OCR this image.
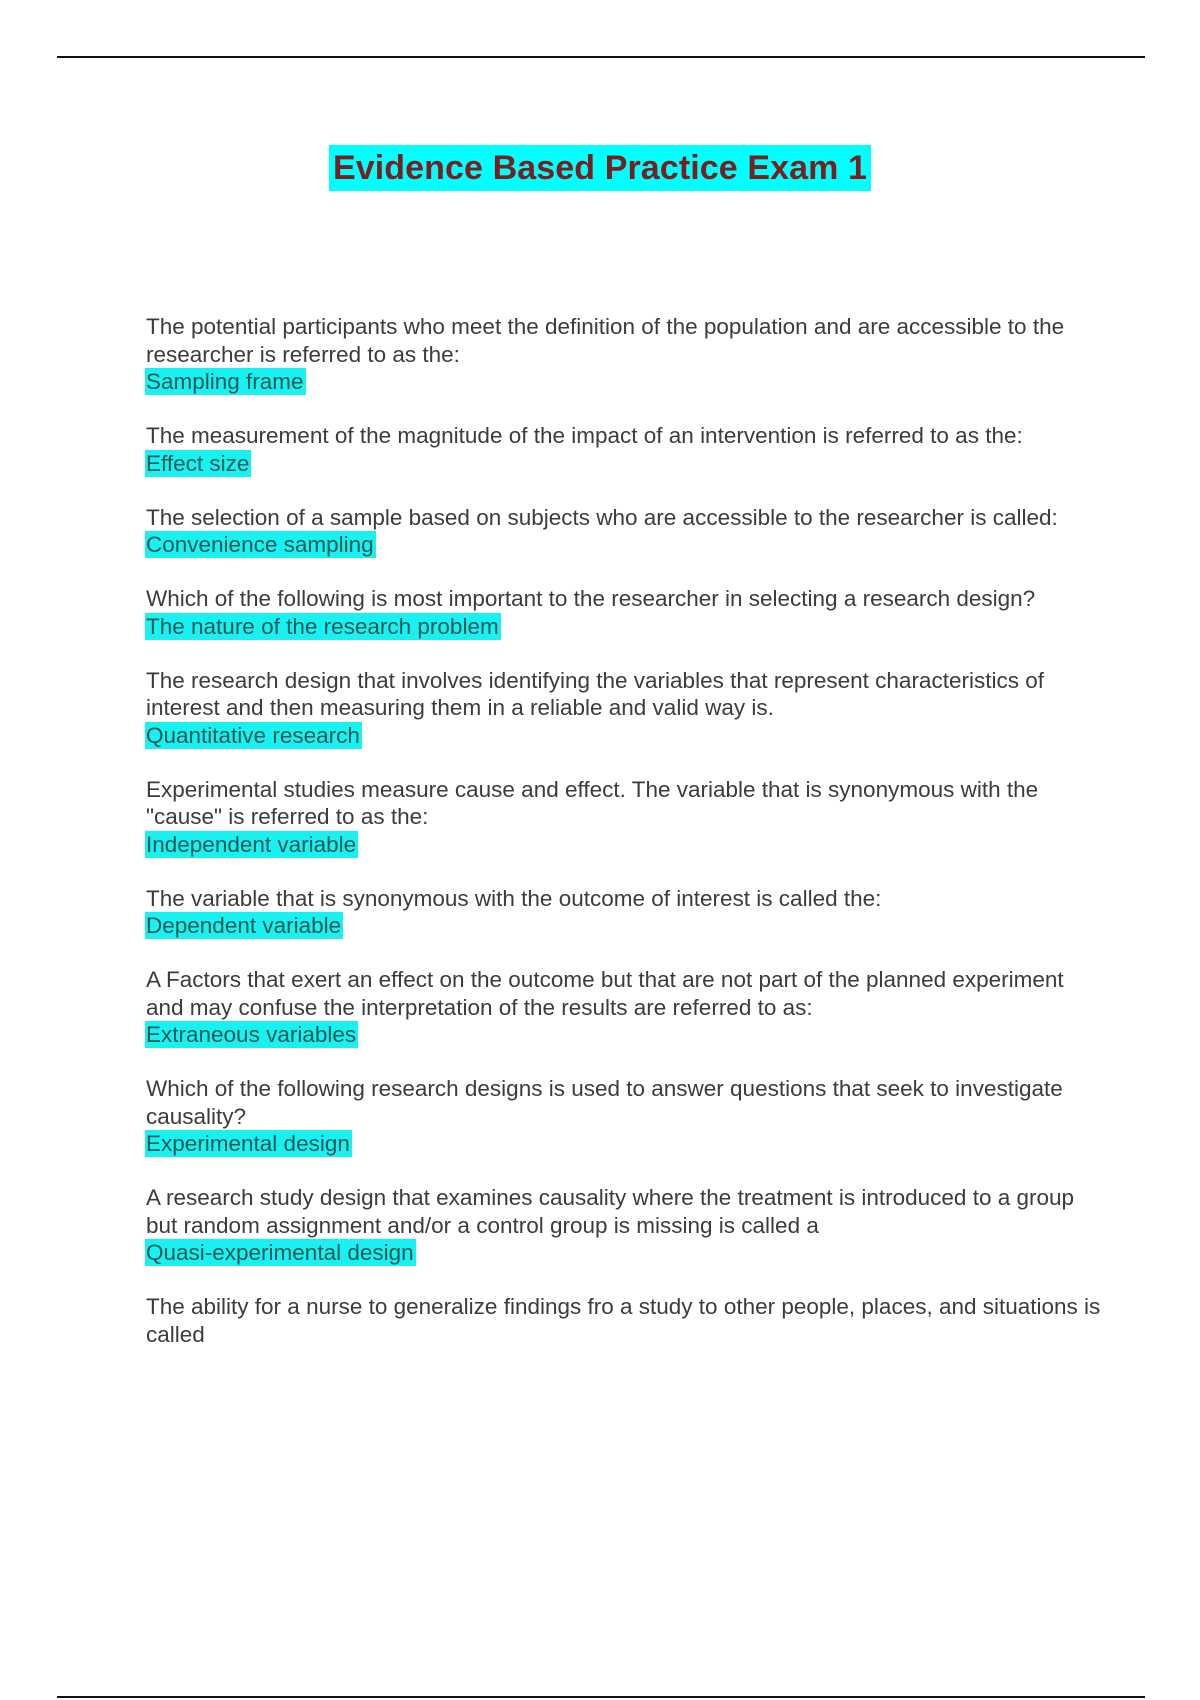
Evidence Based Practice Exam 1

The potential participants who meet the definition of the population and are accessible to the researcher is referred to as the:

Sampling frame

The measurement of the magnitude of the impact of an intervention is referred to as the:

Effect size

The selection of a sample based on subjects who are accessible to the researcher is called:

Convenience sampling

Which of the following is most important to the researcher in selecting a research design?

The nature of the research problem

The research design that involves identifying the variables that represent characteristics of interest and then measuring them in a reliable and valid way is.

Quantitative research

Experimental studies measure cause and effect. The variable that is synonymous with the "cause" is referred to as the:

Independent variable

The variable that is synonymous with the outcome of interest is called the:

Dependent variable

A Factors that exert an effect on the outcome but that are not part of the planned experiment and may confuse the interpretation of the results are referred to as:

Extraneous variables

Which of the following research designs is used to answer questions that seek to investigate causality?

Experimental design

A research study design that examines causality where the treatment is introduced to a group but random assignment and/or a control group is missing is called a

Quasi-experimental design

The ability for a nurse to generalize findings fro a study to other people, places, and situations is called
